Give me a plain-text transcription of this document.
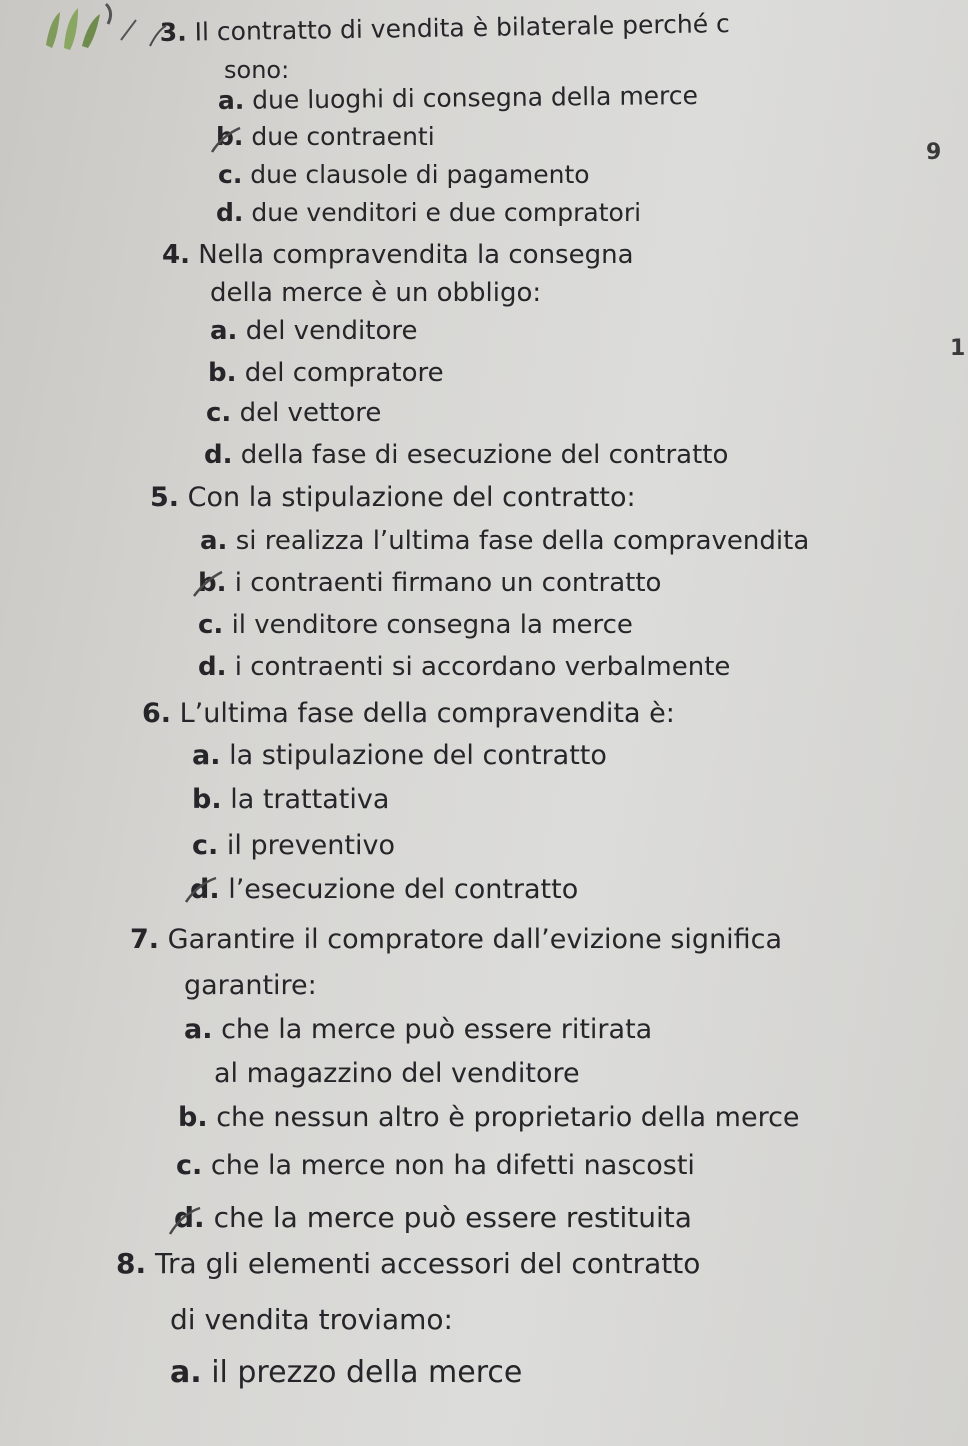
3. Il contratto di vendita è bilaterale perché c
sono:
a. due luoghi di consegna della merce
b. due contraenti
c. due clausole di pagamento
d. due venditori e due compratori
4. Nella compravendita la consegna
della merce è un obbligo:
a. del venditore
b. del compratore
c. del vettore
d. della fase di esecuzione del contratto
5. Con la stipulazione del contratto:
a. si realizza l’ultima fase della compravendita
b. i contraenti firmano un contratto
c. il venditore consegna la merce
d. i contraenti si accordano verbalmente
6. L’ultima fase della compravendita è:
a. la stipulazione del contratto
b. la trattativa
c. il preventivo
d. l’esecuzione del contratto
7. Garantire il compratore dall’evizione significa
garantire:
a. che la merce può essere ritirata
al magazzino del venditore
b. che nessun altro è proprietario della merce
c. che la merce non ha difetti nascosti
d. che la merce può essere restituita
8. Tra gli elementi accessori del contratto
di vendita troviamo:
a. il prezzo della merce
9
1
